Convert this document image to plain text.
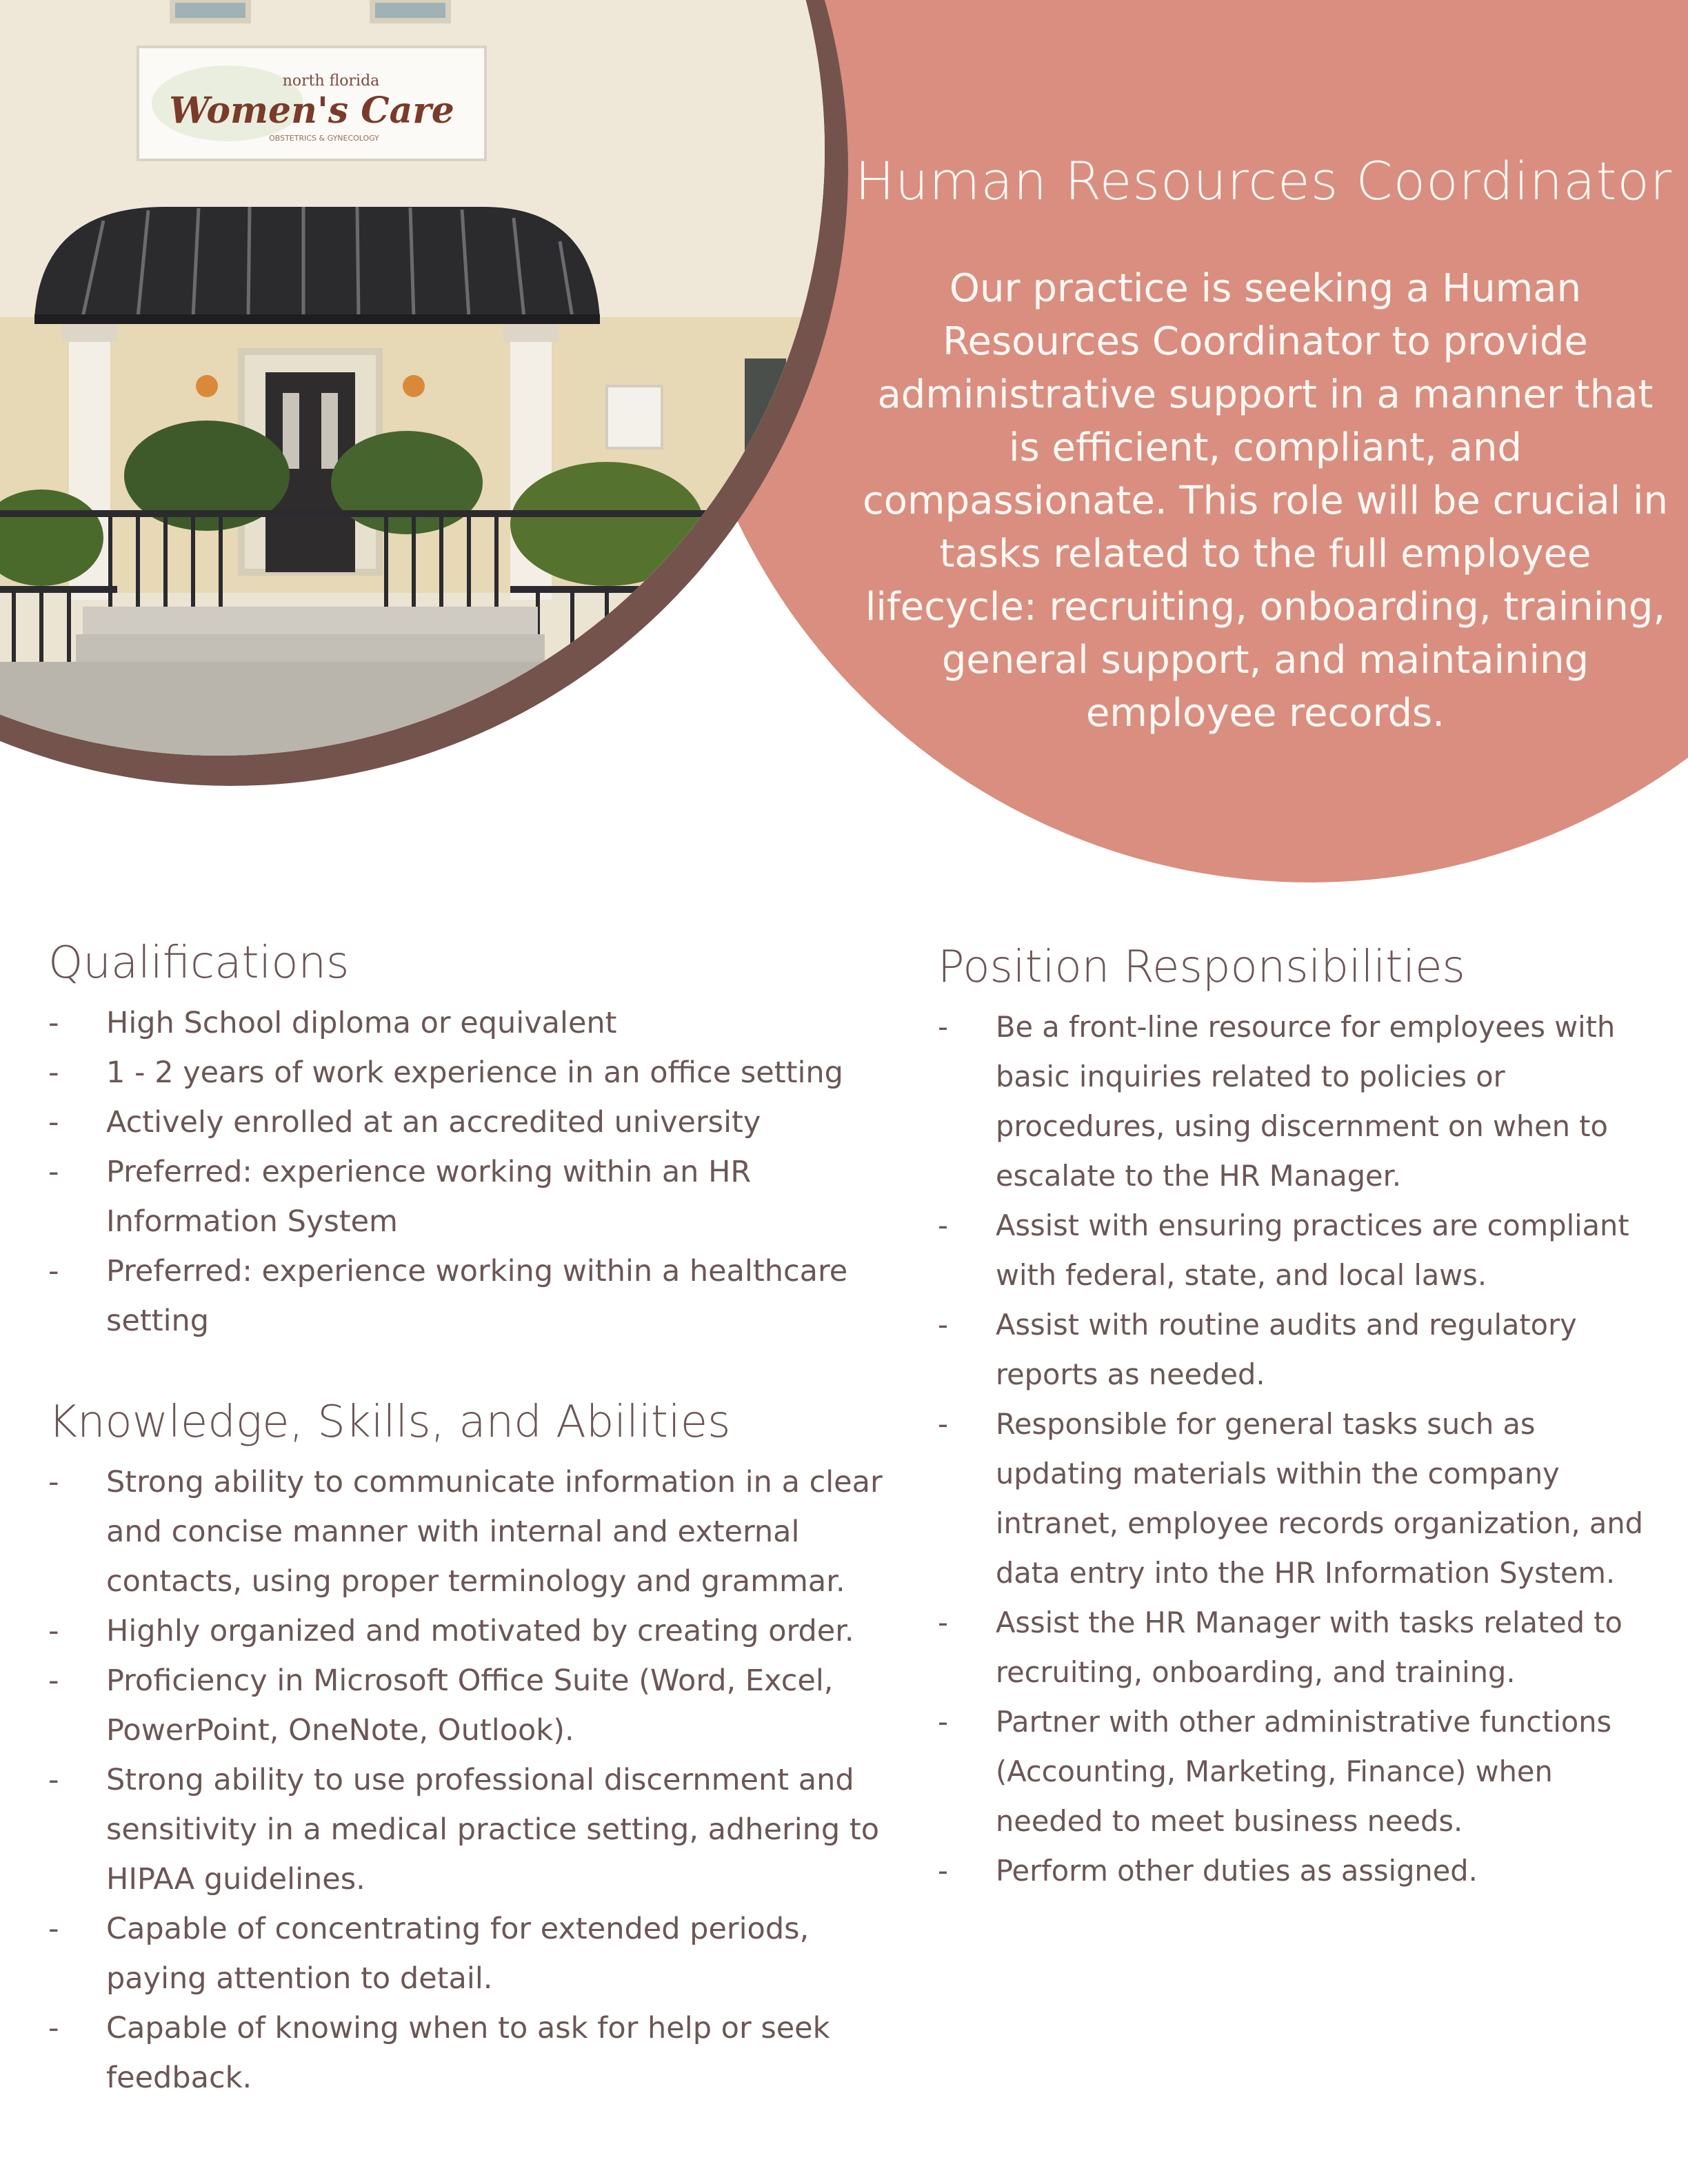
north florida
Women's Care
OBSTETRICS & GYNECOLOGY
Human Resources Coordinator
Our practice is seeking a Human Resources Coordinator to provide administrative support in a manner that is efficient, compliant, and compassionate. This role will be crucial in tasks related to the full employee lifecycle: recruiting, onboarding, training, general support, and maintaining employee records.
Qualifications
- High School diploma or equivalent
- 1 - 2 years of work experience in an office setting
- Actively enrolled at an accredited university
- Preferred: experience working within an HR Information System
- Preferred: experience working within a healthcare setting
Knowledge, Skills, and Abilities
- Strong ability to communicate information in a clear and concise manner with internal and external contacts, using proper terminology and grammar.
- Highly organized and motivated by creating order.
- Proficiency in Microsoft Office Suite (Word, Excel, PowerPoint, OneNote, Outlook).
- Strong ability to use professional discernment and sensitivity in a medical practice setting, adhering to HIPAA guidelines.
- Capable of concentrating for extended periods, paying attention to detail.
- Capable of knowing when to ask for help or seek feedback.
Position Responsibilities
- Be a front-line resource for employees with basic inquiries related to policies or procedures, using discernment on when to escalate to the HR Manager.
- Assist with ensuring practices are compliant with federal, state, and local laws.
- Assist with routine audits and regulatory reports as needed.
- Responsible for general tasks such as updating materials within the company intranet, employee records organization, and data entry into the HR Information System.
- Assist the HR Manager with tasks related to recruiting, onboarding, and training.
- Partner with other administrative functions (Accounting, Marketing, Finance) when needed to meet business needs.
- Perform other duties as assigned.
